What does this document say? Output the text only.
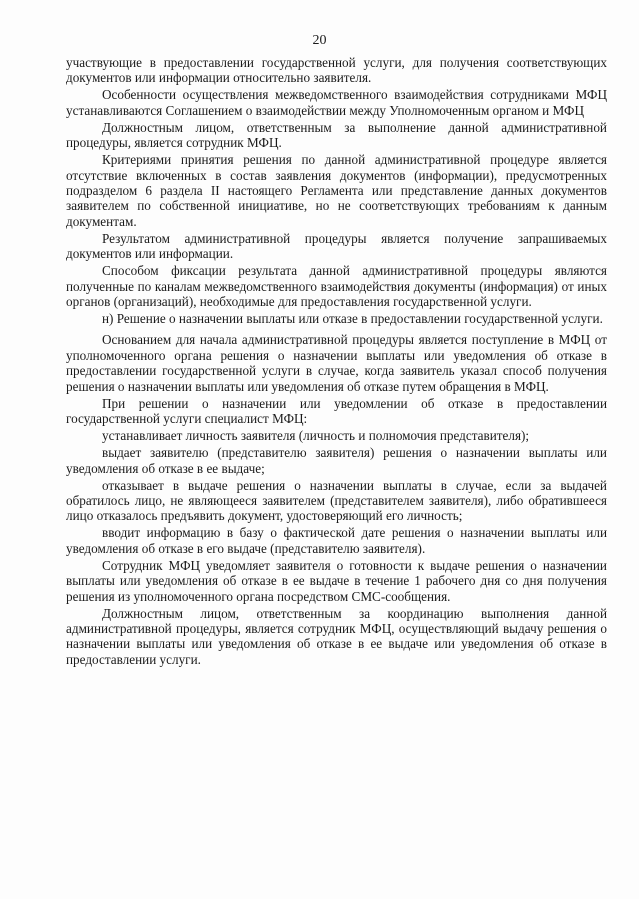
20

участвующие в предоставлении государственной услуги, для получения соответствующих документов или информации относительно заявителя.

Особенности осуществления межведомственного взаимодействия сотрудниками МФЦ устанавливаются Соглашением о взаимодействии между Уполномоченным органом и МФЦ

Должностным лицом, ответственным за выполнение данной административной процедуры, является сотрудник МФЦ.

Критериями принятия решения по данной административной процедуре является отсутствие включенных в состав заявления документов (информации), предусмотренных подразделом 6 раздела II настоящего Регламента или представление данных документов заявителем по собственной инициативе, но не соответствующих требованиям к данным документам.

Результатом административной процедуры является получение запрашиваемых документов или информации.

Способом фиксации результата данной административной процедуры являются полученные по каналам межведомственного взаимодействия документы (информация) от иных органов (организаций), необходимые для предоставления государственной услуги.

н) Решение о назначении выплаты или отказе в предоставлении государственной услуги.

Основанием для начала административной процедуры является поступление в МФЦ от уполномоченного органа решения о назначении выплаты или уведомления об отказе в предоставлении государственной услуги в случае, когда заявитель указал способ получения решения о назначении выплаты или уведомления об отказе путем обращения в МФЦ.

При решении о назначении или уведомлении об отказе в предоставлении государственной услуги специалист МФЦ:

устанавливает личность заявителя (личность и полномочия представителя);

выдает заявителю (представителю заявителя) решения о назначении выплаты или уведомления об отказе в ее выдаче;

отказывает в выдаче решения о назначении выплаты в случае, если за выдачей обратилось лицо, не являющееся заявителем (представителем заявителя), либо обратившееся лицо отказалось предъявить документ, удостоверяющий его личность;

вводит информацию в базу о фактической дате решения о назначении выплаты или уведомления об отказе в его выдаче (представителю заявителя).

Сотрудник МФЦ уведомляет заявителя о готовности к выдаче решения о назначении выплаты или уведомления об отказе в ее выдаче в течение 1 рабочего дня со дня получения решения из уполномоченного органа посредством СМС-сообщения.

Должностным лицом, ответственным за координацию выполнения данной административной процедуры, является сотрудник МФЦ, осуществляющий выдачу решения о назначении выплаты или уведомления об отказе в ее выдаче или уведомления об отказе в предоставлении услуги.
